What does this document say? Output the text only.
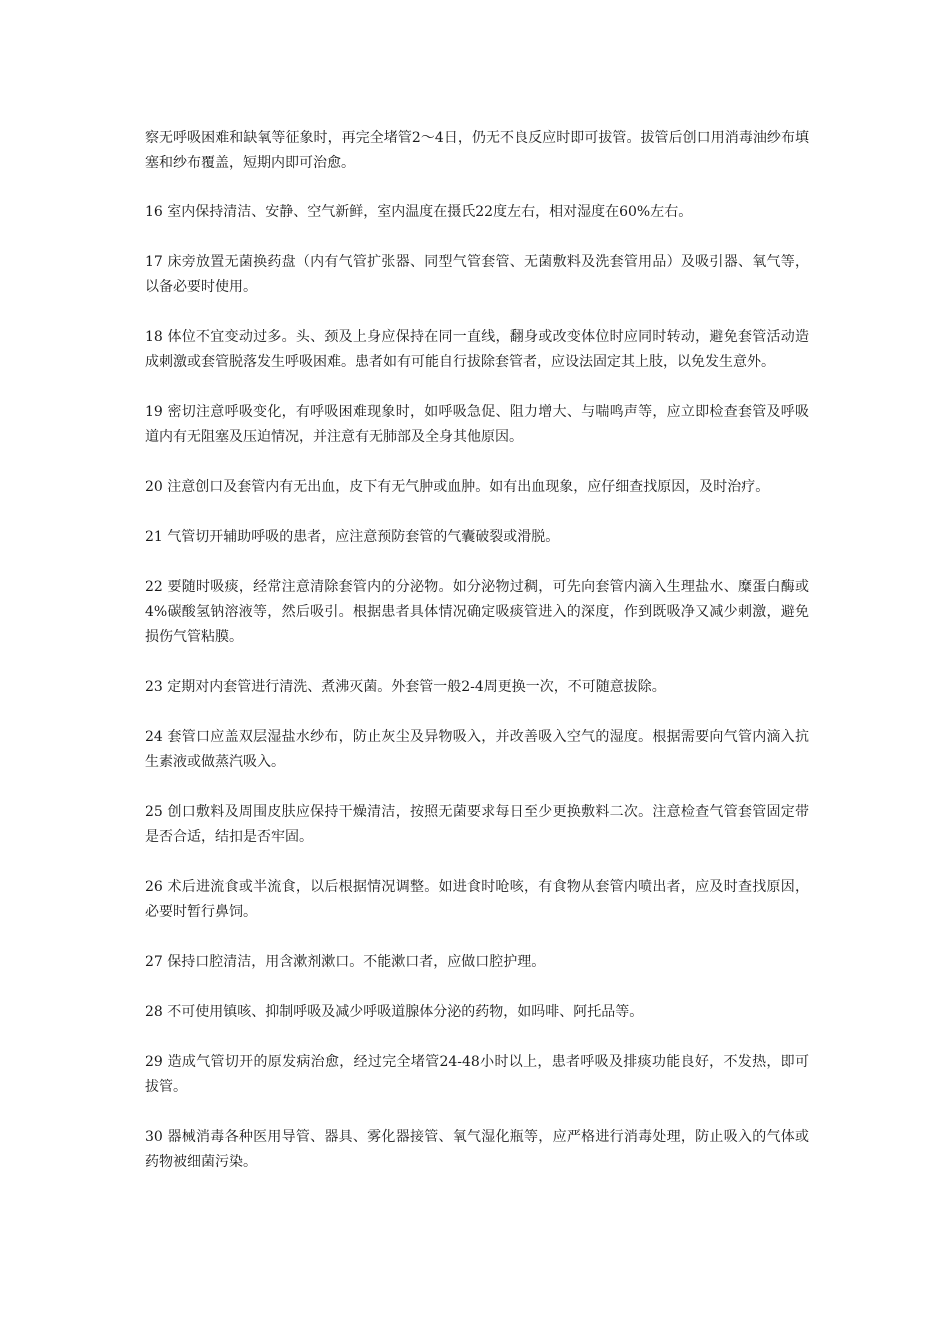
察无呼吸困难和缺氧等征象时，再完全堵管2～4日，仍无不良反应时即可拔管。拔管后创口用消毒油纱布填塞和纱布覆盖，短期内即可治愈。

16 室内保持清洁、安静、空气新鲜，室内温度在摄氏22度左右，相对湿度在60%左右。

17 床旁放置无菌换药盘（内有气管扩张器、同型气管套管、无菌敷料及洗套管用品）及吸引器、氧气等，以备必要时使用。

18 体位不宜变动过多。头、颈及上身应保持在同一直线，翻身或改变体位时应同时转动，避免套管活动造成刺激或套管脱落发生呼吸困难。患者如有可能自行拔除套管者，应设法固定其上肢，以免发生意外。

19 密切注意呼吸变化，有呼吸困难现象时，如呼吸急促、阻力增大、与喘鸣声等，应立即检查套管及呼吸道内有无阻塞及压迫情况，并注意有无肺部及全身其他原因。

20 注意创口及套管内有无出血，皮下有无气肿或血肿。如有出血现象，应仔细查找原因，及时治疗。

21 气管切开辅助呼吸的患者，应注意预防套管的气囊破裂或滑脱。

22 要随时吸痰，经常注意清除套管内的分泌物。如分泌物过稠，可先向套管内滴入生理盐水、糜蛋白酶或4%碳酸氢钠溶液等，然后吸引。根据患者具体情况确定吸痰管进入的深度，作到既吸净又减少刺激，避免损伤气管粘膜。

23 定期对内套管进行清洗、煮沸灭菌。外套管一般2-4周更换一次，不可随意拔除。

24 套管口应盖双层湿盐水纱布，防止灰尘及异物吸入，并改善吸入空气的湿度。根据需要向气管内滴入抗生素液或做蒸汽吸入。

25 创口敷料及周围皮肤应保持干燥清洁，按照无菌要求每日至少更换敷料二次。注意检查气管套管固定带是否合适，结扣是否牢固。

26 术后进流食或半流食，以后根据情况调整。如进食时呛咳，有食物从套管内喷出者，应及时查找原因，必要时暂行鼻饲。

27 保持口腔清洁，用含漱剂漱口。不能漱口者，应做口腔护理。

28 不可使用镇咳、抑制呼吸及减少呼吸道腺体分泌的药物，如吗啡、阿托品等。

29 造成气管切开的原发病治愈，经过完全堵管24-48小时以上，患者呼吸及排痰功能良好，不发热，即可拔管。

30 器械消毒各种医用导管、器具、雾化器接管、氧气湿化瓶等，应严格进行消毒处理，防止吸入的气体或药物被细菌污染。
